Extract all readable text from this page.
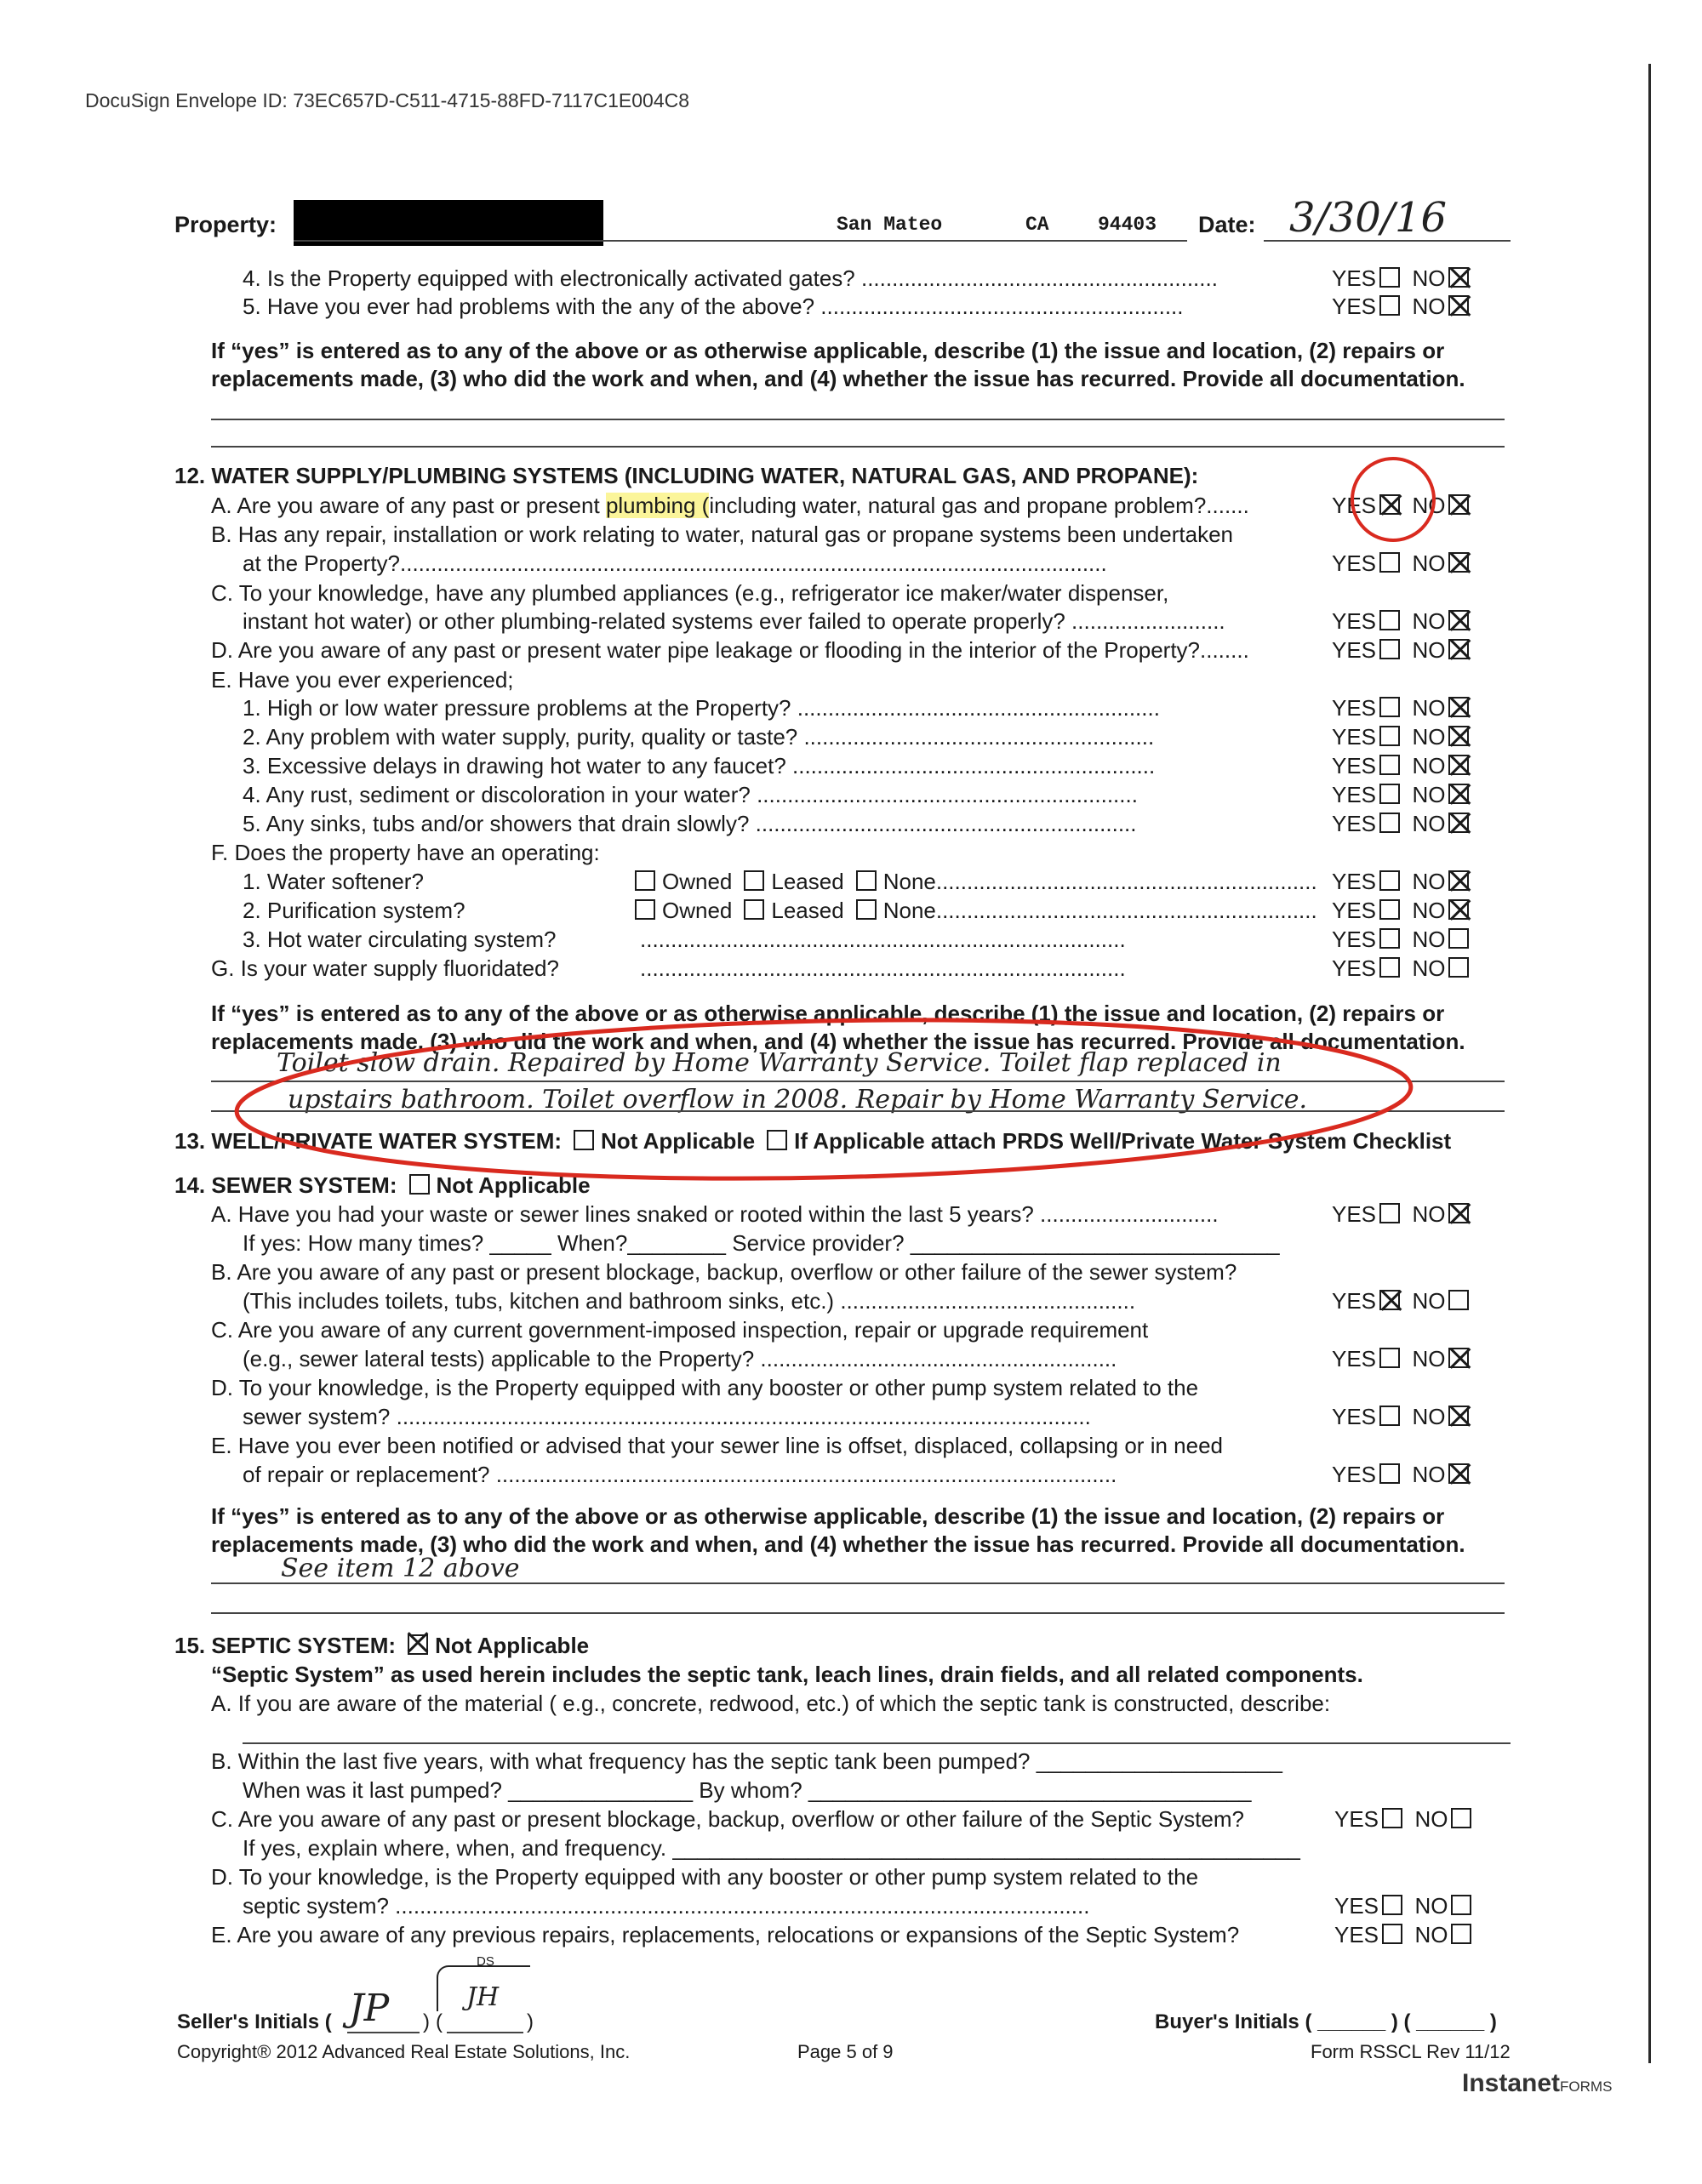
DocuSign Envelope ID: 73EC657D-C511-4715-88FD-7117C1E004C8
Property:	San Mateo	CA 94403 Date: 3/30/16
4. Is the Property equipped with electronically activated gates? ..........................................................	YES NO
5. Have you ever had problems with the any of the above? ...........................................................	YES NO
If “yes” is entered as to any of the above or as otherwise applicable, describe (1) the issue and location, (2) repairs or
replacements made, (3) who did the work and when, and (4) whether the issue has recurred. Provide all documentation.
12. WATER SUPPLY/PLUMBING SYSTEMS (INCLUDING WATER, NATURAL GAS, AND PROPANE):
A. Are you aware of any past or present plumbing (including water, natural gas and propane problem?.......	YES NO
B. Has any repair, installation or work relating to water, natural gas or propane systems been undertaken
at the Property?...................................................................................................................	YES NO
C. To your knowledge, have any plumbed appliances (e.g., refrigerator ice maker/water dispenser,
instant hot water) or other plumbing-related systems ever failed to operate properly? .........................	YES NO
D. Are you aware of any past or present water pipe leakage or flooding in the interior of the Property?........	YES NO
E. Have you ever experienced;
1. High or low water pressure problems at the Property? ...........................................................	YES NO
2. Any problem with water supply, purity, quality or taste? .........................................................	YES NO
3. Excessive delays in drawing hot water to any faucet? ...........................................................	YES NO
4. Any rust, sediment or discoloration in your water? ..............................................................	YES NO
5. Any sinks, tubs and/or showers that drain slowly? ..............................................................	YES NO
F. Does the property have an operating:
1. Water softener?	Owned Leased None.............................................................. YES NO
2. Purification system?	Owned Leased None.............................................................. YES NO
3. Hot water circulating system?	...............................................................................	YES NO
G. Is your water supply fluoridated?	...............................................................................	YES NO
If “yes” is entered as to any of the above or as otherwise applicable, describe (1) the issue and location, (2) repairs or
replacements made, (3) who did the work and when, and (4) whether the issue has recurred. Provide all documentation.
Toilet slow drain. Repaired by Home Warranty Service. Toilet flap replaced in
upstairs bathroom. Toilet overflow in 2008. Repair by Home Warranty Service.
13. WELL/PRIVATE WATER SYSTEM: Not Applicable If Applicable attach PRDS Well/Private Water System Checklist
14. SEWER SYSTEM: Not Applicable
A. Have you had your waste or sewer lines snaked or rooted within the last 5 years? .............................	YES NO
If yes: How many times? _____ When?________ Service provider? ______________________________
B. Are you aware of any past or present blockage, backup, overflow or other failure of the sewer system?
(This includes toilets, tubs, kitchen and bathroom sinks, etc.) ................................................	YES NO
C. Are you aware of any current government-imposed inspection, repair or upgrade requirement
(e.g., sewer lateral tests) applicable to the Property? ..........................................................	YES NO
D. To your knowledge, is the Property equipped with any booster or other pump system related to the
sewer system? .................................................................................................................	YES NO
E. Have you ever been notified or advised that your sewer line is offset, displaced, collapsing or in need
of repair or replacement? .....................................................................................................	YES NO
If “yes” is entered as to any of the above or as otherwise applicable, describe (1) the issue and location, (2) repairs or
replacements made, (3) who did the work and when, and (4) whether the issue has recurred. Provide all documentation.
See item 12 above
15. SEPTIC SYSTEM: Not Applicable
“Septic System” as used herein includes the septic tank, leach lines, drain fields, and all related components.
A. If you are aware of the material ( e.g., concrete, redwood, etc.) of which the septic tank is constructed, describe:
B. Within the last five years, with what frequency has the septic tank been pumped? ____________________
When was it last pumped? _______________ By whom? ____________________________________
C. Are you aware of any past or present blockage, backup, overflow or other failure of the Septic System?	YES NO
If yes, explain where, when, and frequency. ___________________________________________________
D. To your knowledge, is the Property equipped with any booster or other pump system related to the
septic system? .................................................................................................................	YES NO
E. Are you aware of any previous repairs, replacements, relocations or expansions of the Septic System?	YES NO
Seller's Initials ( JP ) (
DS
JH
)	Buyer's Initials ( ______ ) ( ______ )
Copyright® 2012 Advanced Real Estate Solutions, Inc.	Page 5 of 9	Form RSSCL Rev 11/12
InstanetFORMS
